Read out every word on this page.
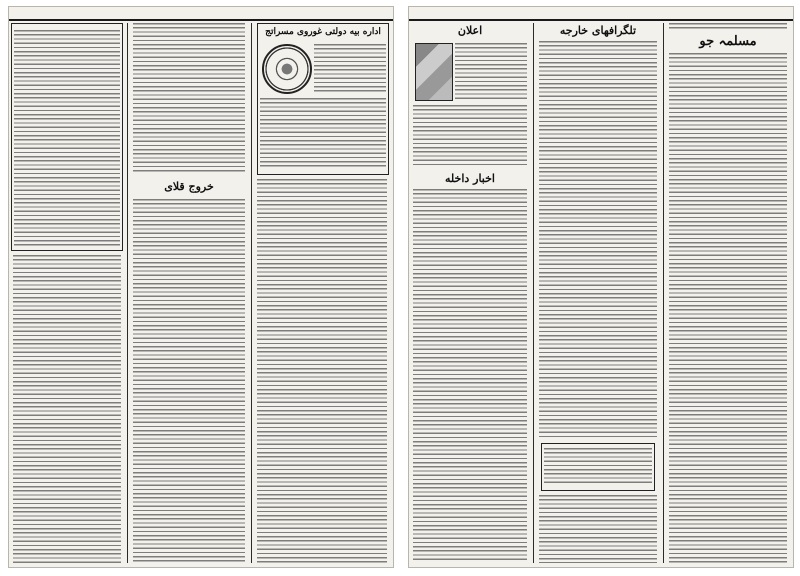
خروج قلای
اداره بیه دولتی غوروی مسراتج	اعلان
اخبار داخله
تلگرافهای خارجه
مسلمہ جو
